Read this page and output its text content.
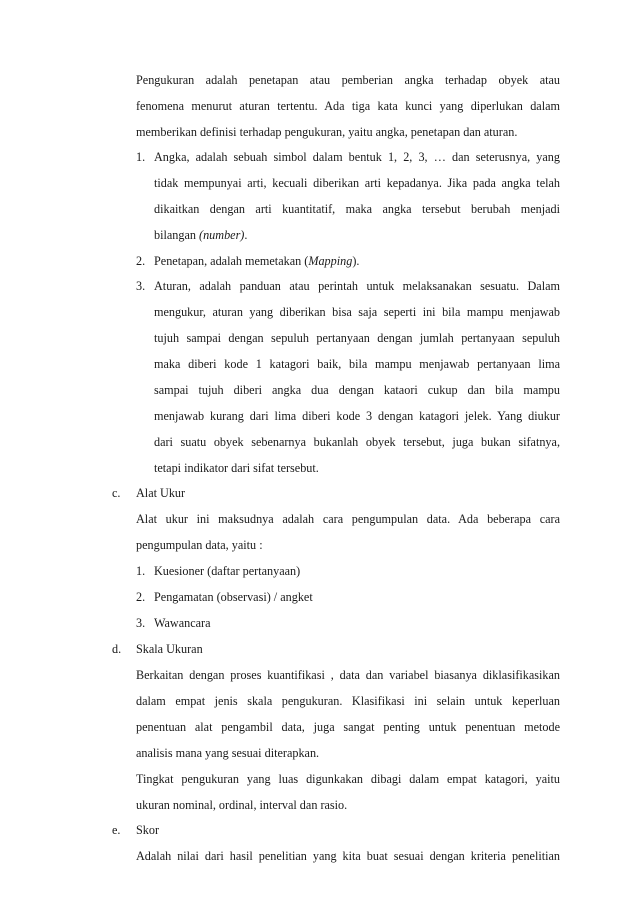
Pengukuran adalah penetapan atau pemberian angka terhadap obyek atau
fenomena menurut aturan tertentu. Ada tiga kata kunci yang diperlukan dalam
memberikan definisi terhadap pengukuran, yaitu angka, penetapan dan aturan.
1. Angka, adalah sebuah simbol dalam bentuk 1, 2, 3, … dan seterusnya, yang
tidak mempunyai arti, kecuali diberikan arti kepadanya. Jika pada angka telah
dikaitkan dengan arti kuantitatif, maka angka tersebut berubah menjadi
bilangan (number).
2. Penetapan, adalah memetakan (Mapping).
3. Aturan, adalah panduan atau perintah untuk melaksanakan sesuatu. Dalam
mengukur, aturan yang diberikan bisa saja seperti ini bila mampu menjawab
tujuh sampai dengan sepuluh pertanyaan dengan jumlah pertanyaan sepuluh
maka diberi kode 1 katagori baik, bila mampu menjawab pertanyaan lima
sampai tujuh diberi angka dua dengan kataori cukup dan bila mampu
menjawab kurang dari lima diberi kode 3 dengan katagori jelek. Yang diukur
dari suatu obyek sebenarnya bukanlah obyek tersebut, juga bukan sifatnya,
tetapi indikator dari sifat tersebut.
c. Alat Ukur
Alat ukur ini maksudnya adalah cara pengumpulan data. Ada beberapa cara
pengumpulan data, yaitu :
1. Kuesioner (daftar pertanyaan)
2. Pengamatan (observasi) / angket
3. Wawancara
d. Skala Ukuran
Berkaitan dengan proses kuantifikasi , data dan variabel biasanya diklasifikasikan
dalam empat jenis skala pengukuran. Klasifikasi ini selain untuk keperluan
penentuan alat pengambil data, juga sangat penting untuk penentuan metode
analisis mana yang sesuai diterapkan.
Tingkat pengukuran yang luas digunkakan dibagi dalam empat katagori, yaitu
ukuran nominal, ordinal, interval dan rasio.
e. Skor
Adalah nilai dari hasil penelitian yang kita buat sesuai dengan kriteria penelitian
